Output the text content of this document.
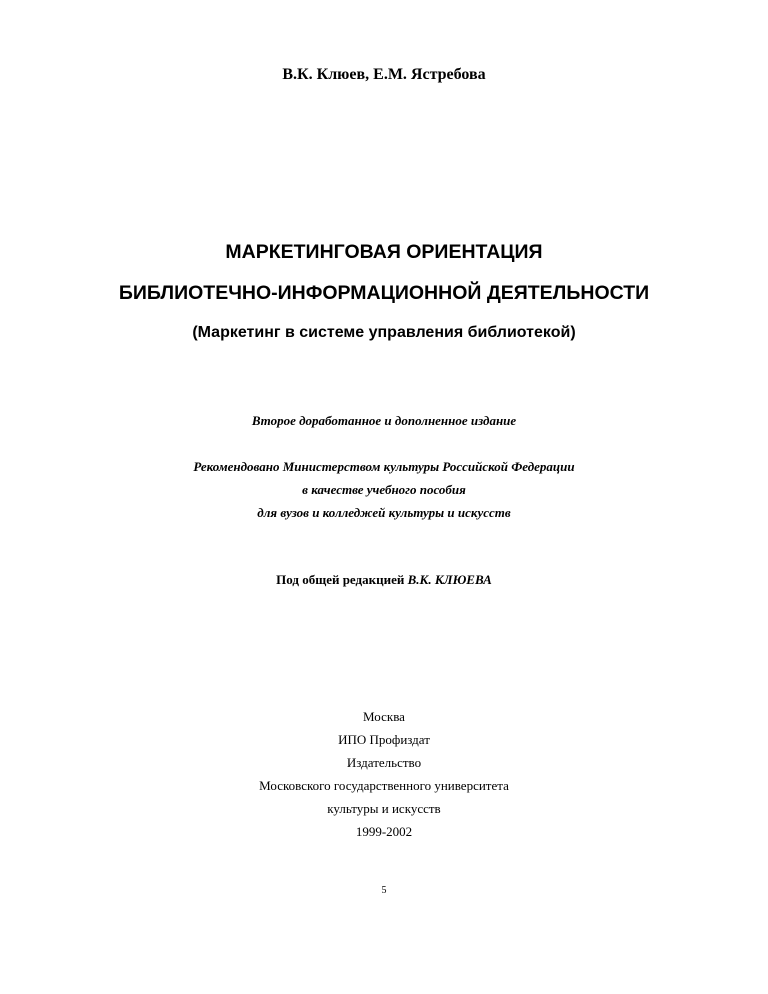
В.К. Клюев, Е.М. Ястребова
МАРКЕТИНГОВАЯ ОРИЕНТАЦИЯ
БИБЛИОТЕЧНО-ИНФОРМАЦИОННОЙ ДЕЯТЕЛЬНОСТИ
(Маркетинг в системе управления библиотекой)
Второе доработанное и дополненное издание
Рекомендовано Министерством культуры Российской Федерации
в качестве учебного пособия
для вузов и колледжей культуры и искусств
Под общей редакцией В.К. КЛЮЕВА
Москва
ИПО Профиздат
Издательство
Московского государственного университета
культуры и искусств
1999-2002
5
